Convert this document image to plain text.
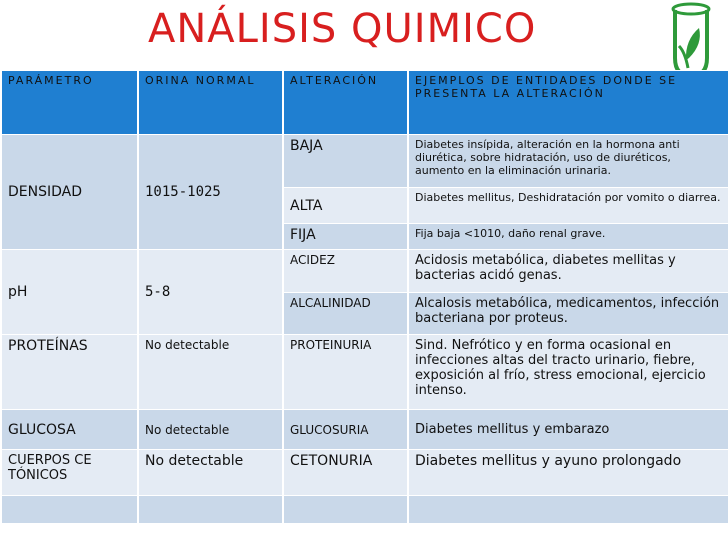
ANÁLISIS QUIMICO
PARÁMETRO	ORINA NORMAL	ALTERACIÓN	EJEMPLOS DE ENTIDADES DONDE SE PRESENTA LA ALTERACIÓN
DENSIDAD	1015-1025	BAJA	Diabetes insípida, alteración en la hormona anti diurética, sobre hidratación, uso de diuréticos, aumento en la eliminación urinaria.
		ALTA	Diabetes mellitus, Deshidratación por vomito o diarrea.
		FIJA	Fija baja <1010, daño renal grave.
pH	5-8	ACIDEZ	Acidosis metabólica, diabetes mellitas y bacterias acidó genas.
		ALCALINIDAD	Alcalosis metabólica, medicamentos, infección bacteriana por proteus.
PROTEÍNAS	No detectable	PROTEINURIA	Sind. Nefrótico y en forma ocasional en infecciones altas del tracto urinario, fiebre, exposición al frío, stress emocional, ejercicio intenso.
GLUCOSA	No detectable	GLUCOSURIA	Diabetes mellitus y embarazo
CUERPOS CE TÓNICOS	No detectable	CETONURIA	Diabetes mellitus y ayuno prolongado
